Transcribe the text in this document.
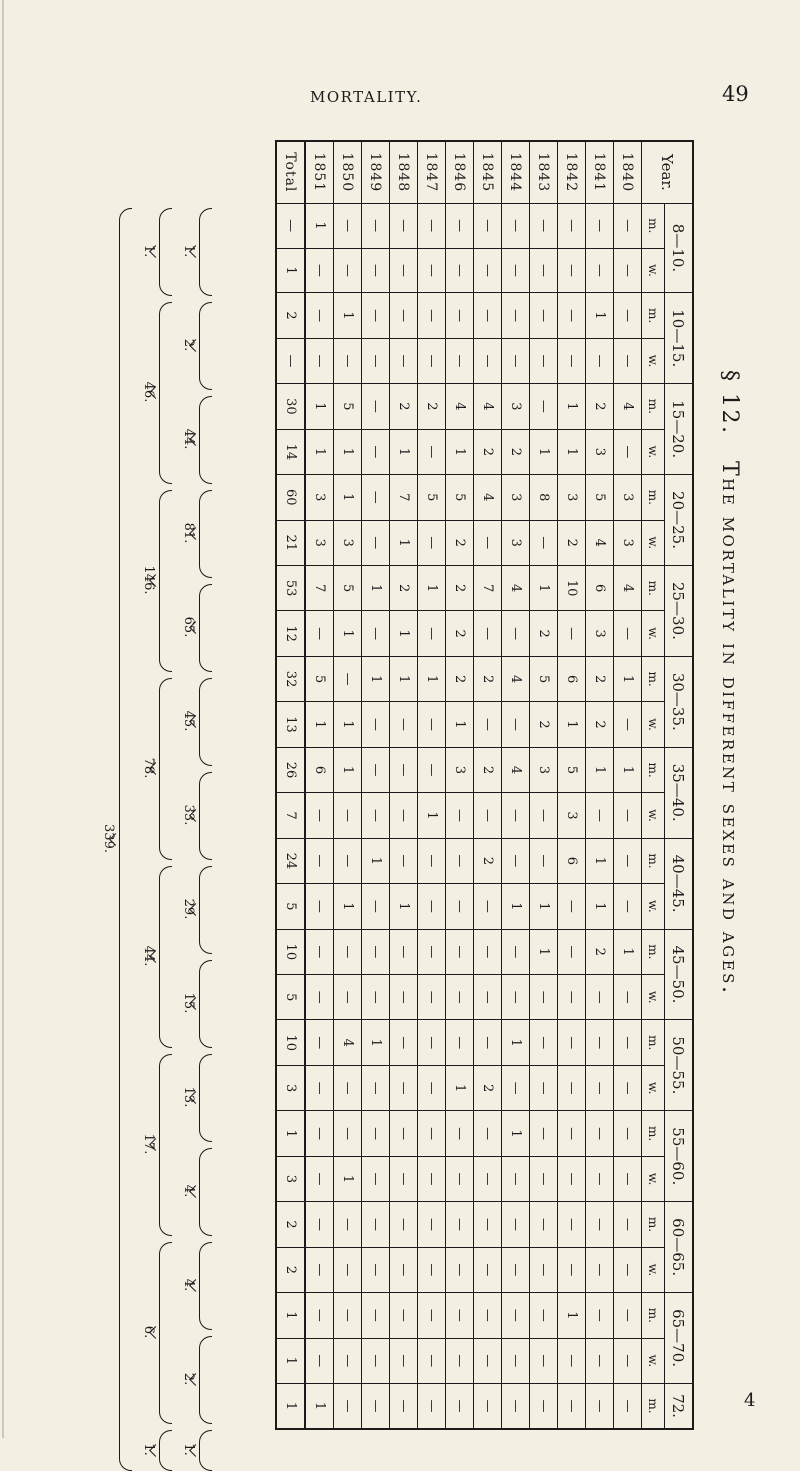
MORTALITY.	49
4
§ 12. The mortality in different sexes and ages.
Year.	8—10.		10—15.		15—20.		20—25.		25—30.		30—35.		35—40.		40—45.		45—50.		50—55.		55—60.		60—65.		65—70.		72.
	m.	w.	m.	w.	m.	w.	m.	w.	m.	w.	m.	w.	m.	w.	m.	w.	m.	w.	m.	w.	m.	w.	m.	w.	m.	w.	m.
1840	—	—	—	—	4	—	3	3	4	—	1	—	1	—	—	—	1	—	—	—	—	—	—	—	—	—	—
1841	—	—	1	—	2	3	5	4	6	3	2	2	1	—	1	1	2	—	—	—	—	—	—	—	—	—	—
1842	—	—	—	—	1	1	3	2	10	—	6	1	5	3	6	—	—	—	—	—	—	—	—	—	1	—	—
1843	—	—	—	—	—	1	8	—	1	2	5	2	3	—	—	1	1	—	—	—	—	—	—	—	—	—	—
1844	—	—	—	—	3	2	3	3	4	—	4	—	4	—	—	1	—	—	1	—	1	—	—	—	—	—	—
1845	—	—	—	—	4	2	4	—	7	—	2	—	2	—	2	—	—	—	—	2	—	—	—	—	—	—	—
1846	—	—	—	—	4	1	5	2	2	2	2	1	3	—	—	—	—	—	—	1	—	—	—	—	—	—	—
1847	—	—	—	—	2	—	5	—	1	—	1	—	—	1	—	—	—	—	—	—	—	—	—	—	—	—	—
1848	—	—	—	—	2	1	7	1	2	1	1	—	—	—	—	1	—	—	—	—	—	—	—	—	—	—	—
1849	—	—	—	—	—	—	—	—	1	—	1	—	—	—	1	—	—	—	1	—	—	—	—	—	—	—	—
1850	—	—	1	—	5	1	1	3	5	1	—	1	1	—	—	1	—	—	4	—	—	1	—	—	—	—	—
1851	1	—	—	—	1	1	3	3	7	—	5	1	6	—	—	—	—	—	—	—	—	—	—	—	—	—	1
Total	—	1	2	—	30	14	60	21	53	12	32	13	26	7	24	5	10	5	10	3	1	3	2	2	1	1	1
1.
2.
44.
81.
65.
45.
33.
29.
15.
13.
4.
4.
2.
1.
1.
46.
146.
78.
44.
17.
6.
1.
339.
